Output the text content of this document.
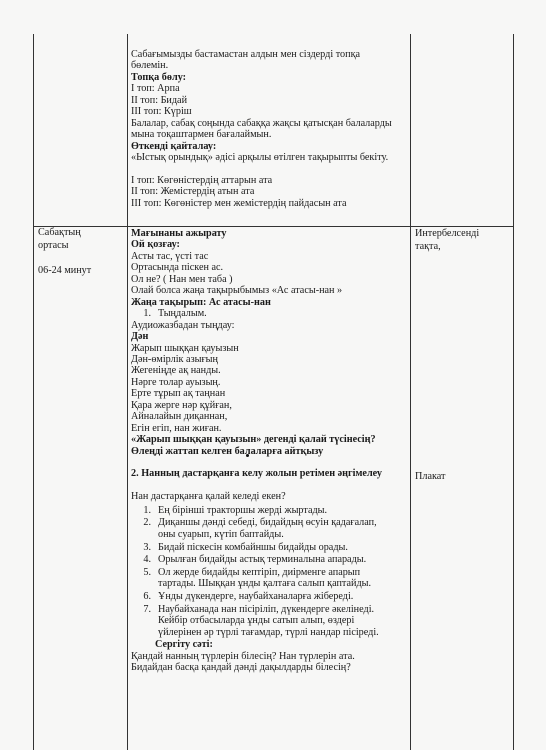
Сабағымызды бастамастан алдын мен сіздерді топқа
бөлемін.
Топқа бөлу:
I топ: Арпа
II топ: Бидай
III топ: Күріш
Балалар, сабақ соңында сабаққа жақсы қатысқан балаларды
мына тоқаштармен бағалаймын.
Өткенді қайталау:
«Ыстық орындық» әдісі арқылы өтілген тақырыпты бекіту.
I топ: Көгөністердің аттарын ата
II топ: Жемістердің атын ата
III топ: Көгөністер мен жемістердің пайдасын ата
Сабақтың
ортасы
06-24 минут
Интербелсенді
тақта,
Плакат
Мағынаны ажырату
Ой қозғау:
Асты тас, үсті тас
Ортасында піскен ас.
Ол не? ( Нан мен таба )
Олай болса жаңа тақырыбымыз «Ас атасы-нан »
Жаңа тақырып: Ас атасы-нан
1. Тыңдалым.
Аудиожазбадан тыңдау:
Дән
Жарып шыққан қауызын
Дән-өмірлік азығың
Жегеніңде ақ нанды.
Нәрге толар ауызың.
Ерте тұрып ақ таңнан
Қара жерге нәр құйған,
Айналайын диқаннан,
Егін егіп, нан жиған.
«Жарып шыққан қауызын» дегенді қалай түсінесің?
Өлеңді жаттап келген балаларға айтқызу
2. Нанның дастарқанға келу жолын ретімен әңгімелеу
Нан дастарқанға қалай келеді екен?
1. Ең бірінші тракторшы жерді жыртады.
2. Диқаншы дәнді себеді, бидайдың өсуін қадағалап,
оны суарып, күтіп баптайды.
3. Бидай піскесін комбайншы бидайды орады.
4. Орылған бидайды астық терминалына апарады.
5. Ол жерде бидайды кептіріп, диірменге апарып
тартады. Шыққан ұнды қалтаға салып қаптайды.
6. Ұнды дүкендерге, наубайханаларға жібереді.
7. Наубайханада нан пісіріліп, дүкендерге әкелінеді.
Кейбір отбасыларда ұнды сатып алып, өздері
үйлерінен әр түрлі тағамдар, түрлі нандар пісіреді.
Сергіту сәті:
Қандай нанның түрлерін білесің? Нан түрлерін ата.
Бидайдан басқа қандай дәнді дақылдарды білесің?
